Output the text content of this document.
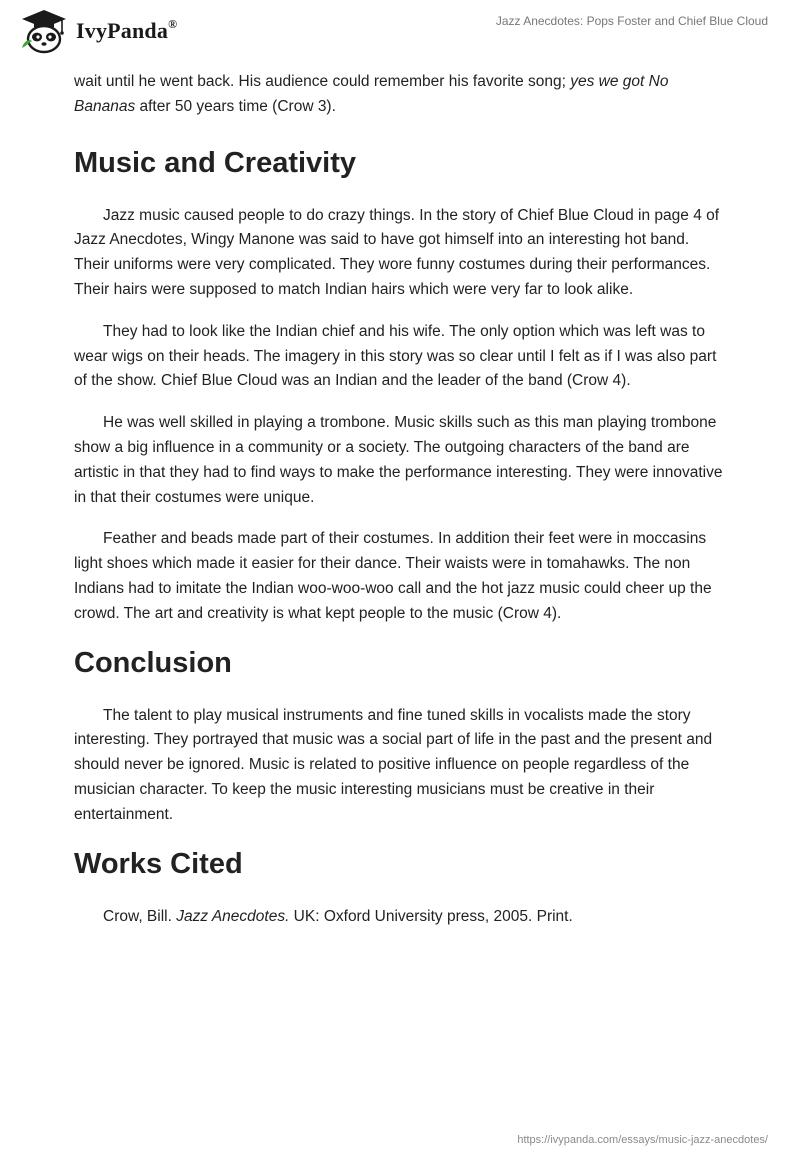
IvyPanda®	Jazz Anecdotes: Pops Foster and Chief Blue Cloud

wait until he went back. His audience could remember his favorite song; yes we got No Bananas after 50 years time (Crow 3).

Music and Creativity

Jazz music caused people to do crazy things. In the story of Chief Blue Cloud in page 4 of Jazz Anecdotes, Wingy Manone was said to have got himself into an interesting hot band. Their uniforms were very complicated. They wore funny costumes during their performances. Their hairs were supposed to match Indian hairs which were very far to look alike.

They had to look like the Indian chief and his wife. The only option which was left was to wear wigs on their heads. The imagery in this story was so clear until I felt as if I was also part of the show. Chief Blue Cloud was an Indian and the leader of the band (Crow 4).

He was well skilled in playing a trombone. Music skills such as this man playing trombone show a big influence in a community or a society. The outgoing characters of the band are artistic in that they had to find ways to make the performance interesting. They were innovative in that their costumes were unique.

Feather and beads made part of their costumes. In addition their feet were in moccasins light shoes which made it easier for their dance. Their waists were in tomahawks. The non Indians had to imitate the Indian woo-woo-woo call and the hot jazz music could cheer up the crowd. The art and creativity is what kept people to the music (Crow 4).

Conclusion

The talent to play musical instruments and fine tuned skills in vocalists made the story interesting. They portrayed that music was a social part of life in the past and the present and should never be ignored. Music is related to positive influence on people regardless of the musician character. To keep the music interesting musicians must be creative in their entertainment.

Works Cited

Crow, Bill. Jazz Anecdotes. UK: Oxford University press, 2005. Print.

https://ivypanda.com/essays/music-jazz-anecdotes/
